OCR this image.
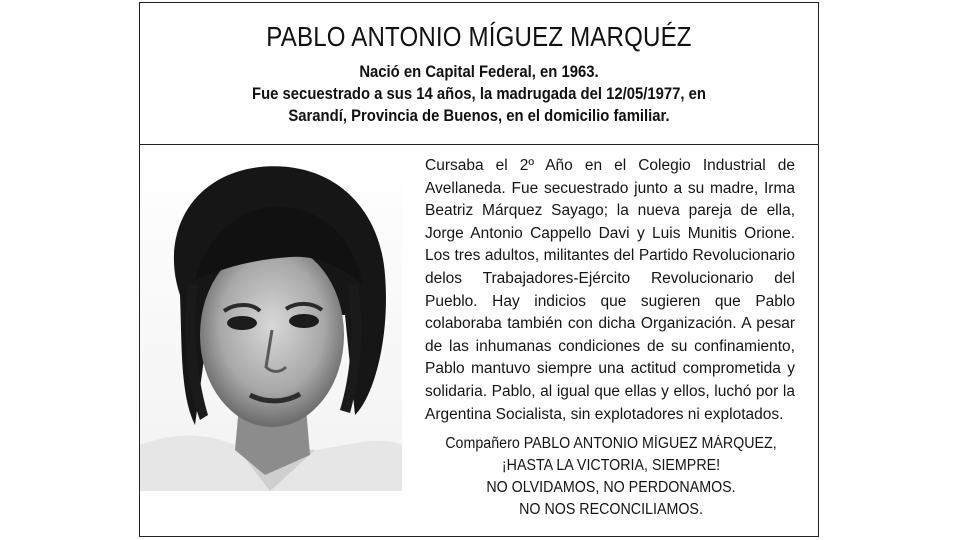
PABLO ANTONIO MÍGUEZ MARQUÉZ
Nació en Capital Federal, en 1963.
Fue secuestrado a sus 14 años, la madrugada del 12/05/1977, en
Sarandí, Provincia de Buenos, en el domicilio familiar.
Cursaba el 2º Año en el Colegio Industrial de Avellaneda. Fue secuestrado junto a su madre, Irma Beatriz Márquez Sayago; la nueva pareja de ella, Jorge Antonio Cappello Davi y Luis Munitis Orione. Los tres adultos, militantes del Partido Revolucionario delos Trabajadores-Ejército Revolucionario del Pueblo. Hay indicios que sugieren que Pablo colaboraba también con dicha Organización. A pesar de las inhumanas condiciones de su confinamiento, Pablo mantuvo siempre una actitud comprometida y solidaria. Pablo, al igual que ellas y ellos, luchó por la Argentina Socialista, sin explotadores ni explotados.
Compañero PABLO ANTONIO MÍGUEZ MÁRQUEZ,
¡HASTA LA VICTORIA, SIEMPRE!
NO OLVIDAMOS, NO PERDONAMOS.
NO NOS RECONCILIAMOS.
